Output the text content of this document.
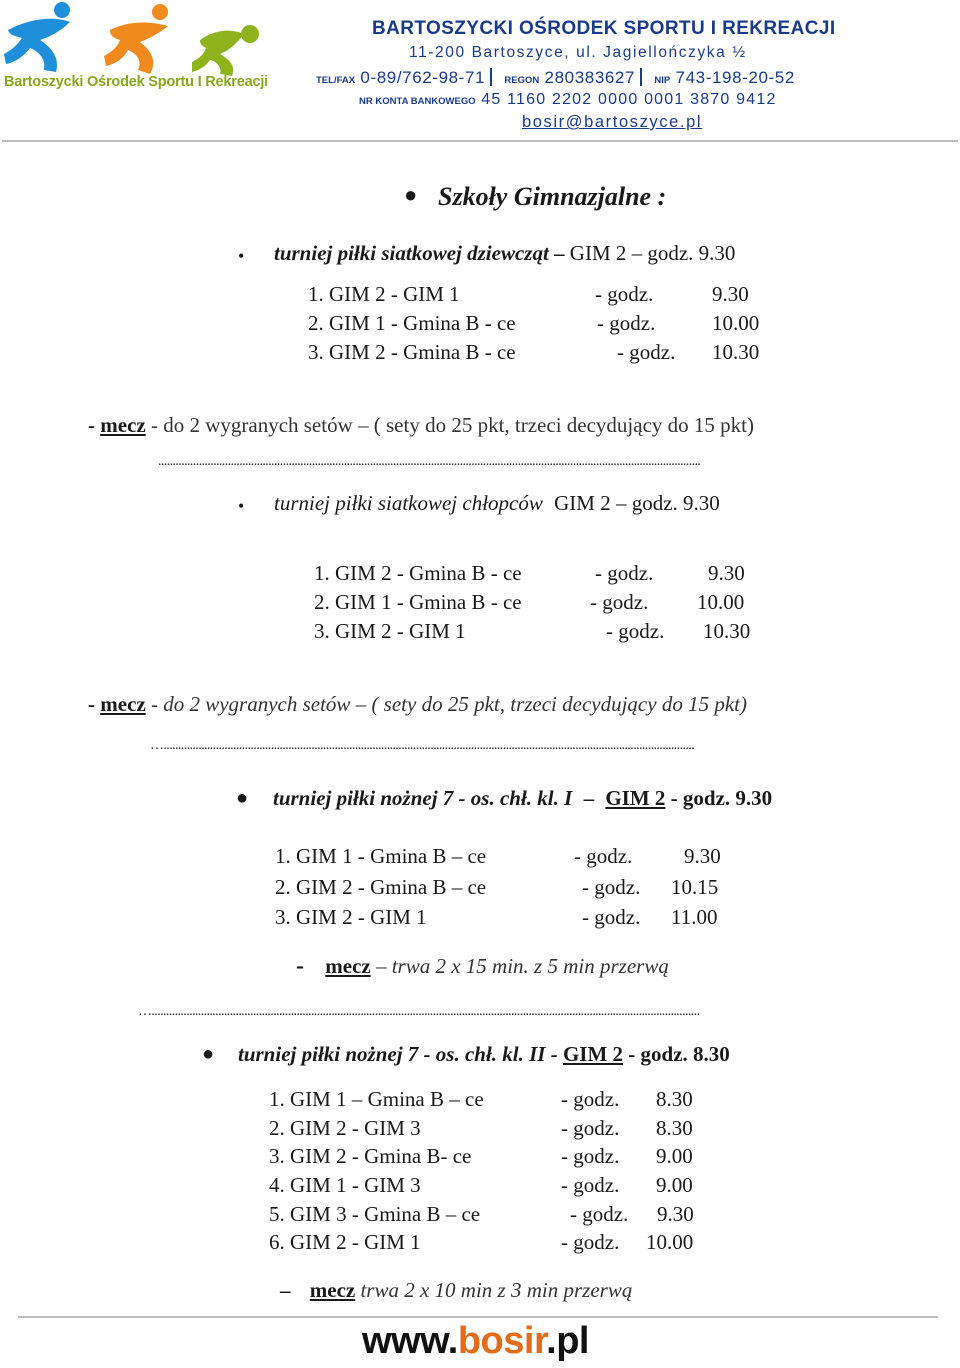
Bartoszycki Ośrodek Sportu I Rekreacji
BARTOSZYCKI OŚRODEK SPORTU I REKREACJI
11-200 Bartoszyce, ul. Jagiellończyka ½
TEL/FAX 0-89/762-98-71 REGON 280383627 NIP 743-198-20-52
NR KONTA BANKOWEGO 45 1160 2202 0000 0001 3870 9412
bosir@bartoszyce.pl
● Szkoły Gimnazjalne :
• turniej piłki siatkowej dziewcząt – GIM 2 – godz. 9.30
1. GIM 2 - GIM 1	- godz.	9.30
2. GIM 1 - Gmina B - ce	- godz.	10.00
3. GIM 2 - Gmina B - ce	- godz. 10.30
- mecz - do 2 wygranych setów – ( sety do 25 pkt, trzeci decydujący do 15 pkt)
...........................................................................................................................................................................................
• turniej piłki siatkowej chłopców GIM 2 – godz. 9.30
1. GIM 2 - Gmina B - ce	- godz.	9.30
2. GIM 1 - Gmina B - ce	- godz. 10.00
3. GIM 2 - GIM 1	- godz. 10.30
- mecz - do 2 wygranych setów – ( sety do 25 pkt, trzeci decydujący do 15 pkt)
….......................................................................................................................................................................................
● turniej piłki nożnej 7 - os. chł. kl. I – GIM 2 - godz. 9.30
1. GIM 1 - Gmina B – ce	- godz. 9.30
2. GIM 2 - Gmina B – ce	- godz. 10.15
3. GIM 2 - GIM 1	- godz. 11.00
- mecz – trwa 2 x 15 min. z 5 min przerwą
….............................................................................................................................................................................................
● turniej piłki nożnej 7 - os. chł. kl. II - GIM 2 - godz. 8.30
1. GIM 1 – Gmina B – ce	- godz. 8.30
2. GIM 2 - GIM 3	- godz. 8.30
3. GIM 2 - Gmina B- ce	- godz. 9.00
4. GIM 1 - GIM 3	- godz. 9.00
5. GIM 3 - Gmina B – ce	- godz. 9.30
6. GIM 2 - GIM 1	- godz. 10.00
– mecz trwa 2 x 10 min z 3 min przerwą
www.bosir.pl
